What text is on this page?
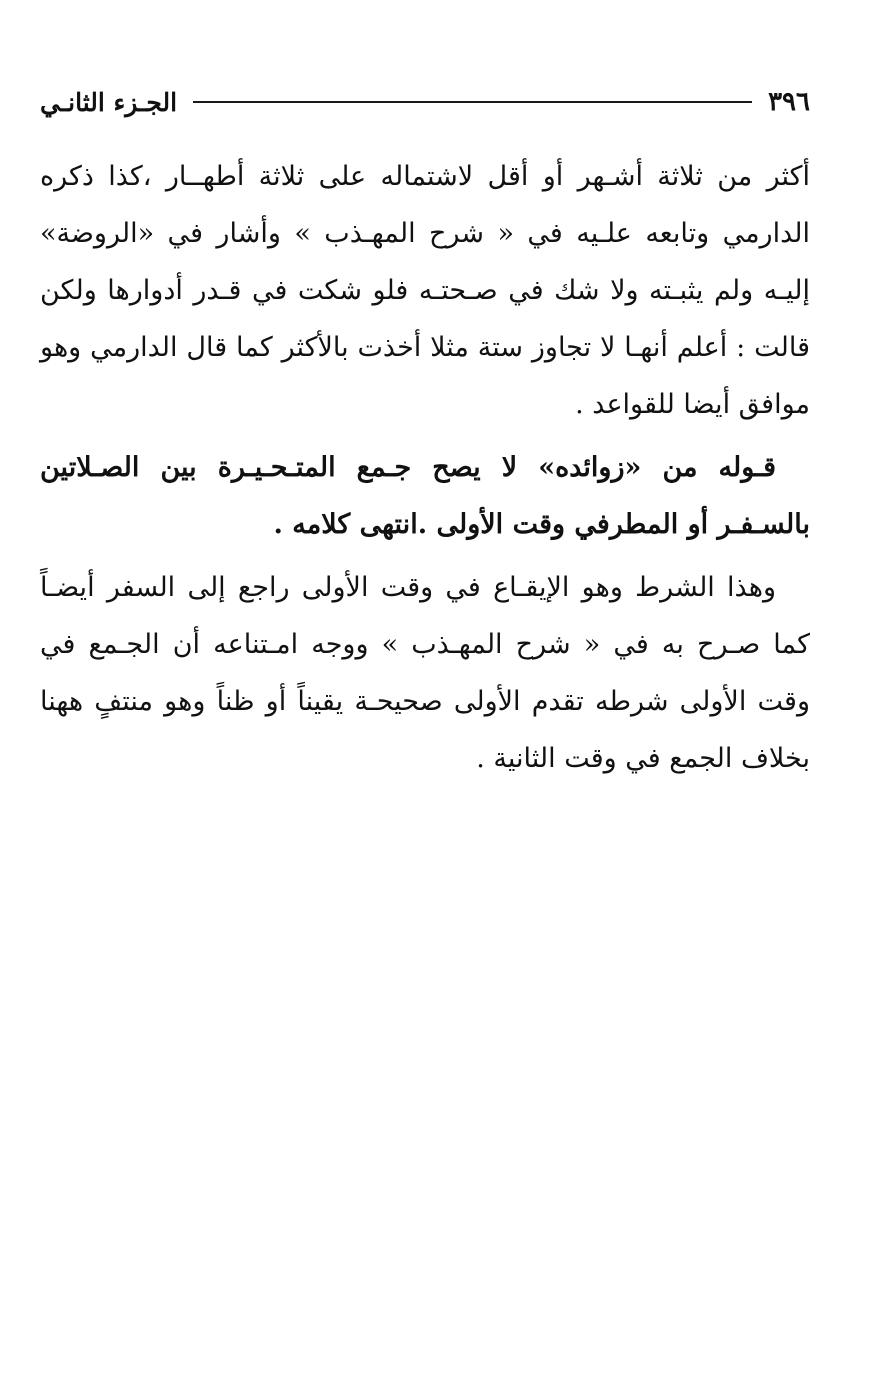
٣٩٦
الجـزء الثانـي

أكثر من ثلاثة أشـهر أو أقل لاشتماله على ثلاثة أطهــار ،كذا ذكره الدارمي وتابعه علـيه في « شرح المهـذب » وأشار في «الروضة» إليـه ولم يثبـته ولا شك في صـحتـه فلو شكت في قـدر أدوارها ولكن قالت : أعلم أنهـا لا تجاوز ستة مثلا أخذت بالأكثر كما قال الدارمي وهو موافق أيضا للقواعد .

قـوله من «زوائده» لا يصح جـمع المتـحـيـرة بين الصـلاتين بالسـفـر أو المطرفي وقت الأولى .انتهى كلامه .

وهذا الشرط وهو الإيقـاع في وقت الأولى راجع إلى السفر أيضـاً كما صـرح به في « شرح المهـذب » ووجه امـتناعه أن الجـمع في وقت الأولى شرطه تقدم الأولى صحيحـة يقيناً أو ظناً وهو منتفٍ ههنا بخلاف الجمع في وقت الثانية .
